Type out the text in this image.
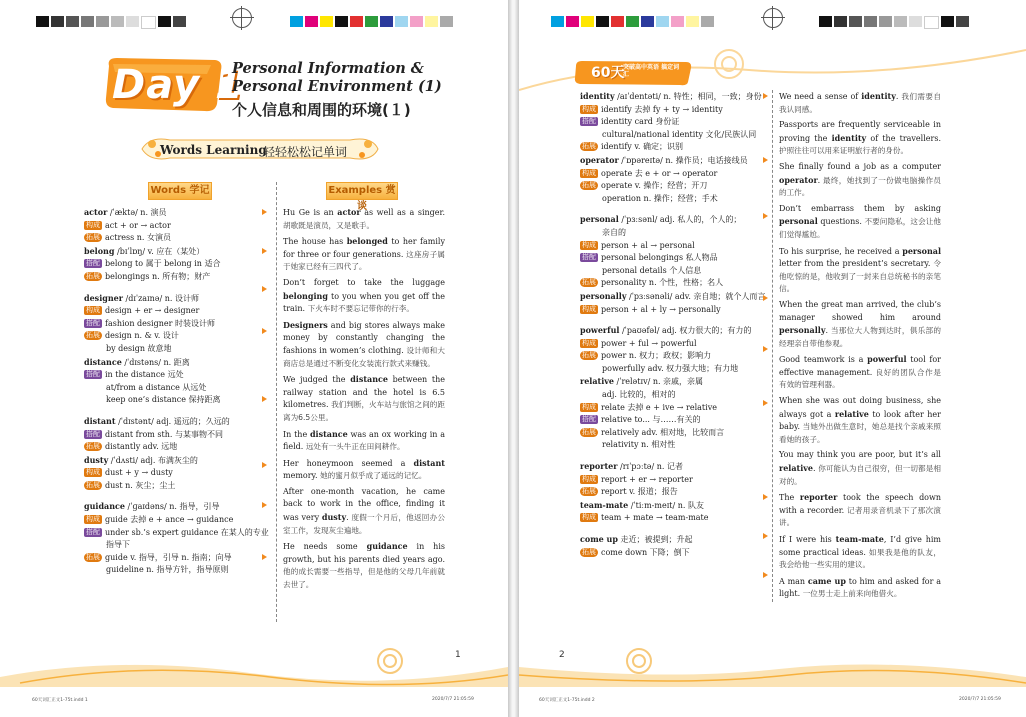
Day 1
Personal Information &
Personal Environment (1)
个人信息和周围的环境(１)
Words Learning
轻轻松松记单词
Words 学记	Examples 赏谈
actor /ˈæktə/ n. 演员
构成 act + or → actor
拓展 actress n. 女演员
belong /bɪˈlɒŋ/ v. 应在（某处）
搭配 belong to 属于 belong in 适合
拓展 belongings n. 所有物；财产
designer /dɪˈzaɪnə/ n. 设计师
构成 design + er → designer
搭配 fashion designer 时装设计师
拓展 design n. & v. 设计
by design 故意地
distance /ˈdɪstəns/ n. 距离
搭配 in the distance 远处
at/from a distance 从远处
keep one’s distance 保持距离
distant /ˈdɪstənt/ adj. 遥远的；久远的
搭配 distant from sth. 与某事物不同
拓展 distantly adv. 远地
dusty /ˈdʌsti/ adj. 布满灰尘的
构成 dust + y → dusty
拓展 dust n. 灰尘；尘土
guidance /ˈɡaɪdəns/ n. 指导，引导
构成 guide 去掉 e + ance → guidance
搭配 under sb.’s expert guidance 在某人的专业
指导下
拓展 guide v. 指导，引导 n. 指南；向导
guideline n. 指导方针，指导原则

Hu Ge is an actor as well as a singer. 胡歌既是演员，又是歌手。

The house has belonged to her family for three or four generations. 这座房子属于她家已经有三四代了。

Don’t forget to take the luggage belonging to you when you get off the train. 下火车时不要忘记带你的行李。

Designers and big stores always make money by constantly changing the fashions in women’s clothing. 设计师和大商店总是通过不断变化女装流行款式来赚钱。

We judged the distance between the railway station and the hotel is 6.5 kilometres. 我们判断，火车站与旅馆之间的距离为6.5公里。

In the distance was an ox working in a field. 远处有一头牛正在田间耕作。

Her honeymoon seemed a distant memory. 她的蜜月似乎成了遥远的记忆。

After one-month vacation, he came back to work in the office, finding it was very dusty. 度假一个月后，他返回办公室工作，发现灰尘遍地。

He needs some guidance in his growth, but his parents died years ago. 他的成长需要一些指导，但是他的父母几年前就去世了。

1
60天词汇正文1-75t.indd 1	2020/7/7 21:05:59
60天
突破高中英语 搞定词汇
identity /aɪˈdentəti/ n. 特性；相同，一致；身份
构成 identify 去掉 fy + ty → identity
搭配 identity card 身份证
cultural/national identity 文化/民族认同
拓展 identify v. 确定；识别
operator /ˈɒpəreɪtə/ n. 操作员；电话接线员
构成 operate 去 e + or → operator
拓展 operate v. 操作；经营；开刀
operation n. 操作；经营；手术
personal /ˈpɜːsənl/ adj. 私人的，个人的；
亲自的
构成 person + al → personal
搭配 personal belongings 私人物品
personal details 个人信息
拓展 personality n. 个性，性格；名人
personally /ˈpɜːsənəli/ adv. 亲自地；就个人而言
构成 person + al + ly → personally
powerful /ˈpaʊəfəl/ adj. 权力很大的；有力的
构成 power + ful → powerful
拓展 power n. 权力；政权；影响力
powerfully adv. 权力强大地；有力地
relative /ˈrelətɪv/ n. 亲戚，亲属
adj. 比较的，相对的
构成 relate 去掉 e + ive → relative
搭配 relative to... 与……有关的
拓展 relatively adv. 相对地，比较而言
relativity n. 相对性
reporter /rɪˈpɔːtə/ n. 记者
构成 report + er → reporter
拓展 report v. 报道；报告
team-mate /ˈtiːm-meɪt/ n. 队友
构成 team + mate → team-mate
come up 走近；被提到；升起
拓展 come down 下降；倒下

We need a sense of identity. 我们需要自我认同感。

Passports are frequently serviceable in proving the identity of the travellers. 护照往往可以用来证明旅行者的身份。

She finally found a job as a computer operator. 最终，她找到了一份做电脑操作员的工作。

Don’t embarrass them by asking personal questions. 不要问隐私，这会让他们觉得尴尬。

To his surprise, he received a personal letter from the president’s secretary. 令他吃惊的是，他收到了一封来自总统秘书的亲笔信。

When the great man arrived, the club’s manager showed him around personally. 当那位大人物到达时，俱乐部的经理亲自带他参观。

Good teamwork is a powerful tool for effective management. 良好的团队合作是有效的管理利器。

When she was out doing business, she always got a relative to look after her baby. 当她外出做生意时，她总是找个亲戚来照看她的孩子。

You may think you are poor, but it’s all relative. 你可能认为自己很穷，但一切都是相对的。

The reporter took the speech down with a recorder. 记者用录音机录下了那次演讲。

If I were his team-mate, I’d give him some practical ideas. 如果我是他的队友，我会给他一些实用的建议。

A man came up to him and asked for a light. 一位男士走上前来向他借火。

2
60天词汇正文1-75t.indd 2	2020/7/7 21:05:59
